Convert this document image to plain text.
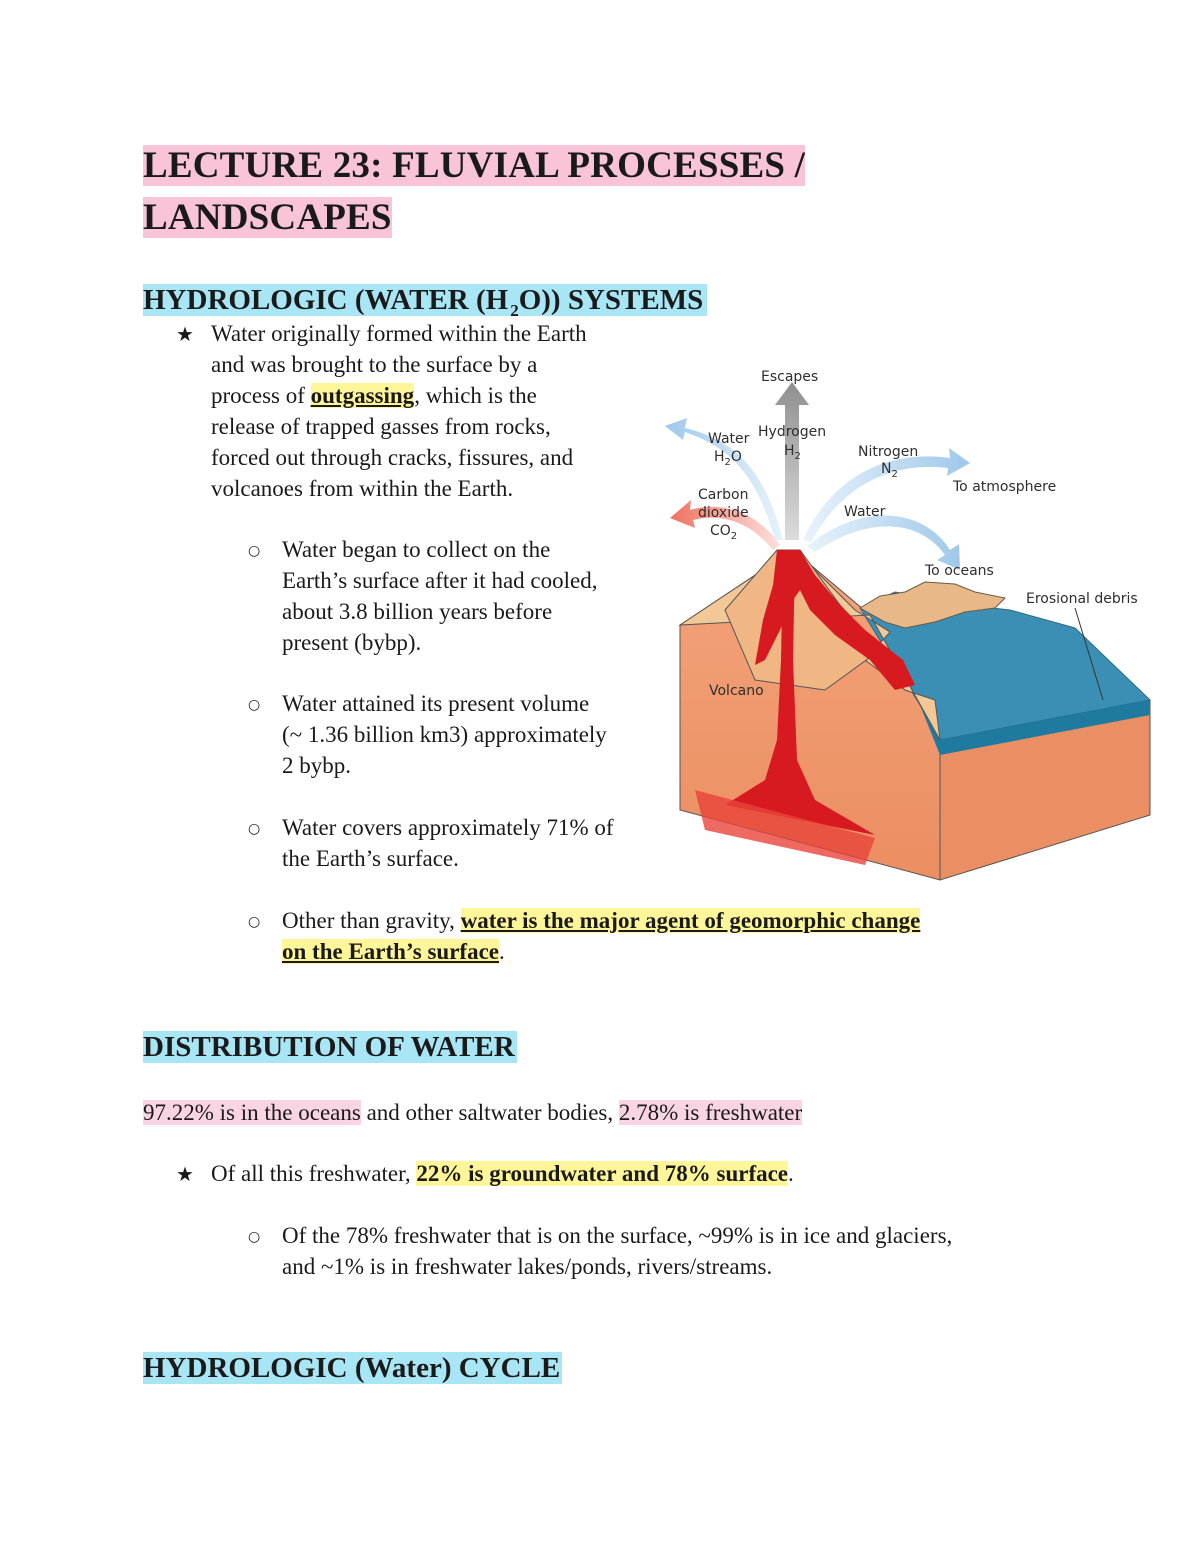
LECTURE 23: FLUVIAL PROCESSES /
LANDSCAPES
HYDROLOGIC (WATER (H $_2$O)) SYSTEMS
★ Water originally formed within the Earth
and was brought to the surface by a
process of outgassing, which is the
release of trapped gasses from rocks,
forced out through cracks, fissures, and
volcanoes from within the Earth.
○ Water began to collect on the
Earth’s surface after it had cooled,
about 3.8 billion years before
present (bybp).
○ Water attained its present volume
(~ 1.36 billion km3) approximately
2 bybp.
○ Water covers approximately 71% of
the Earth’s surface.
○ Other than gravity, water is the major agent of geomorphic change
on the Earth’s surface.
Escapes
Water
$H_2O$
Hydrogen
$H_2$	Nitrogen
$N_2$
To atmosphere
Carbon
dioxide
$CO_2$
Water
To oceans
Erosional debris
Volcano
DISTRIBUTION OF WATER
97.22% is in the oceans and other saltwater bodies, 2.78% is freshwater
★ Of all this freshwater, 22% is groundwater and 78% surface.
○ Of the 78% freshwater that is on the surface, ~99% is in ice and glaciers,
and ~1% is in freshwater lakes/ponds, rivers/streams.
HYDROLOGIC (Water) CYCLE
